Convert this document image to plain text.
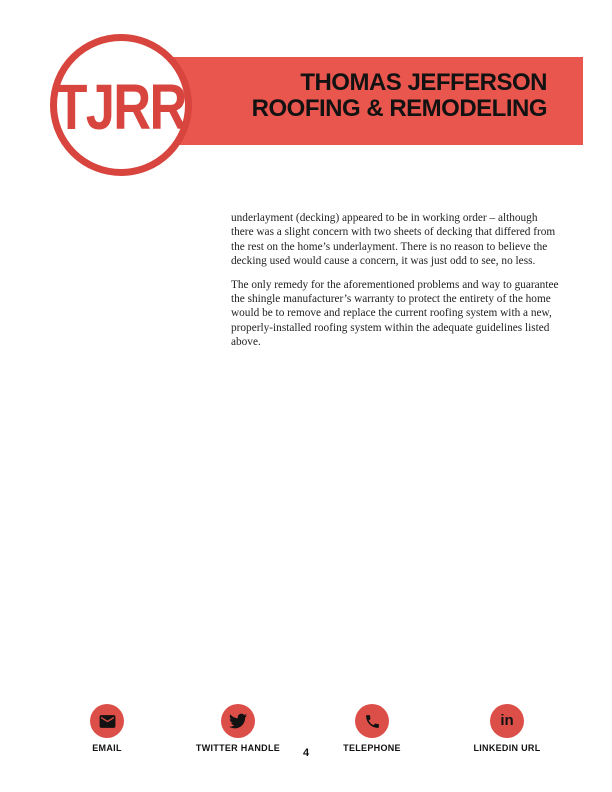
THOMAS JEFFERSON
ROOFING & REMODELING
TJRR
underlayment (decking) appeared to be in working order – although
there was a slight concern with two sheets of decking that differed from
the rest on the home’s underlayment. There is no reason to believe the
decking used would cause a concern, it was just odd to see, no less.
The only remedy for the aforementioned problems and way to guarantee
the shingle manufacturer’s warranty to protect the entirety of the home
would be to remove and replace the current roofing system with a new,
properly-installed roofing system within the adequate guidelines listed
above.
EMAIL	TWITTER HANDLE	TELEPHONE
in
LINKEDIN URL
4
